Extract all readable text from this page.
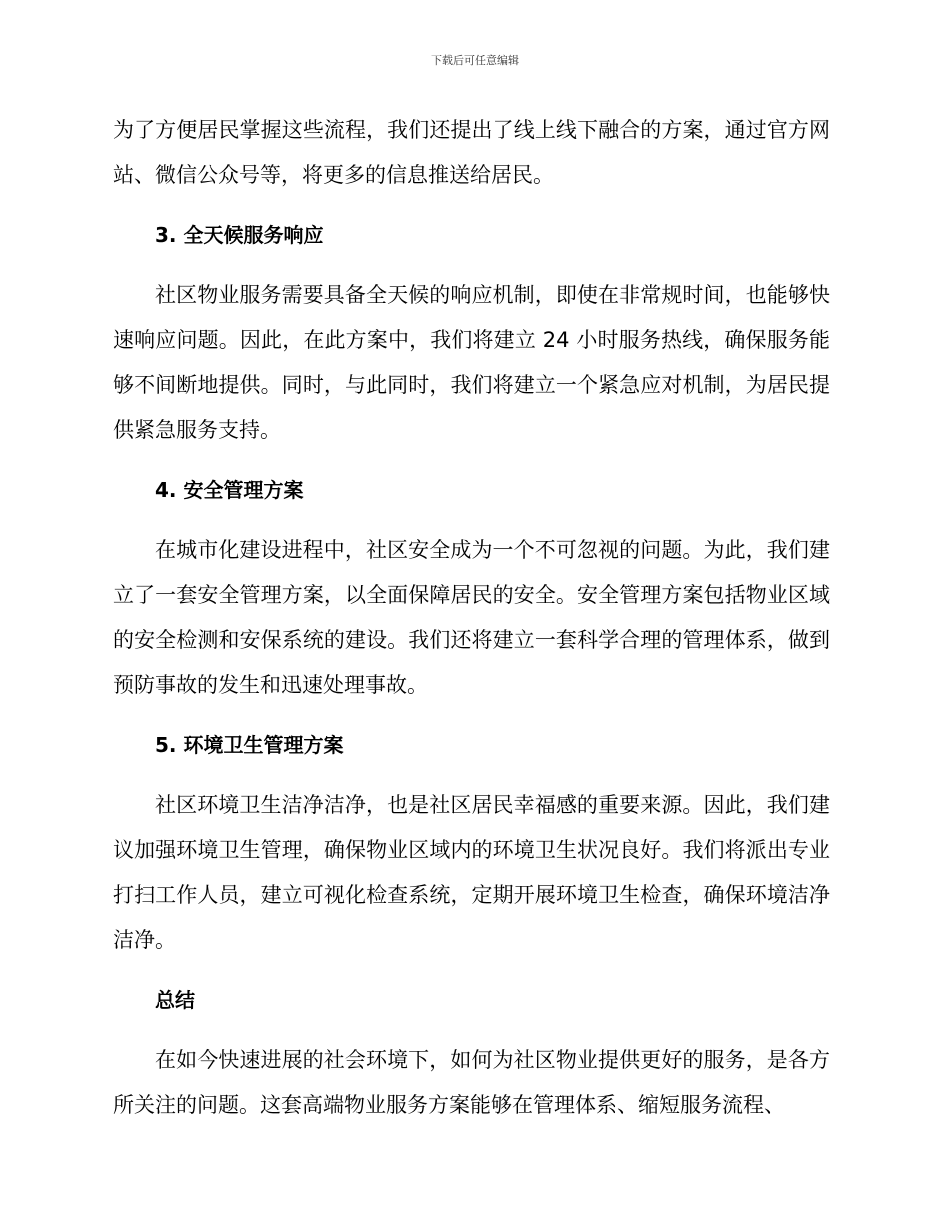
下载后可任意编辑

为了方便居民掌握这些流程，我们还提出了线上线下融合的方案，通过官方网站、微信公众号等，将更多的信息推送给居民。

3. 全天候服务响应

社区物业服务需要具备全天候的响应机制，即使在非常规时间，也能够快速响应问题。因此，在此方案中，我们将建立 24 小时服务热线，确保服务能够不间断地提供。同时，与此同时，我们将建立一个紧急应对机制，为居民提供紧急服务支持。

4. 安全管理方案

在城市化建设进程中，社区安全成为一个不可忽视的问题。为此，我们建立了一套安全管理方案，以全面保障居民的安全。安全管理方案包括物业区域的安全检测和安保系统的建设。我们还将建立一套科学合理的管理体系，做到预防事故的发生和迅速处理事故。

5. 环境卫生管理方案

社区环境卫生洁净洁净，也是社区居民幸福感的重要来源。因此，我们建议加强环境卫生管理，确保物业区域内的环境卫生状况良好。我们将派出专业打扫工作人员，建立可视化检查系统，定期开展环境卫生检查，确保环境洁净洁净。

总结

在如今快速进展的社会环境下，如何为社区物业提供更好的服务，是各方所关注的问题。这套高端物业服务方案能够在管理体系、缩短服务流程、
